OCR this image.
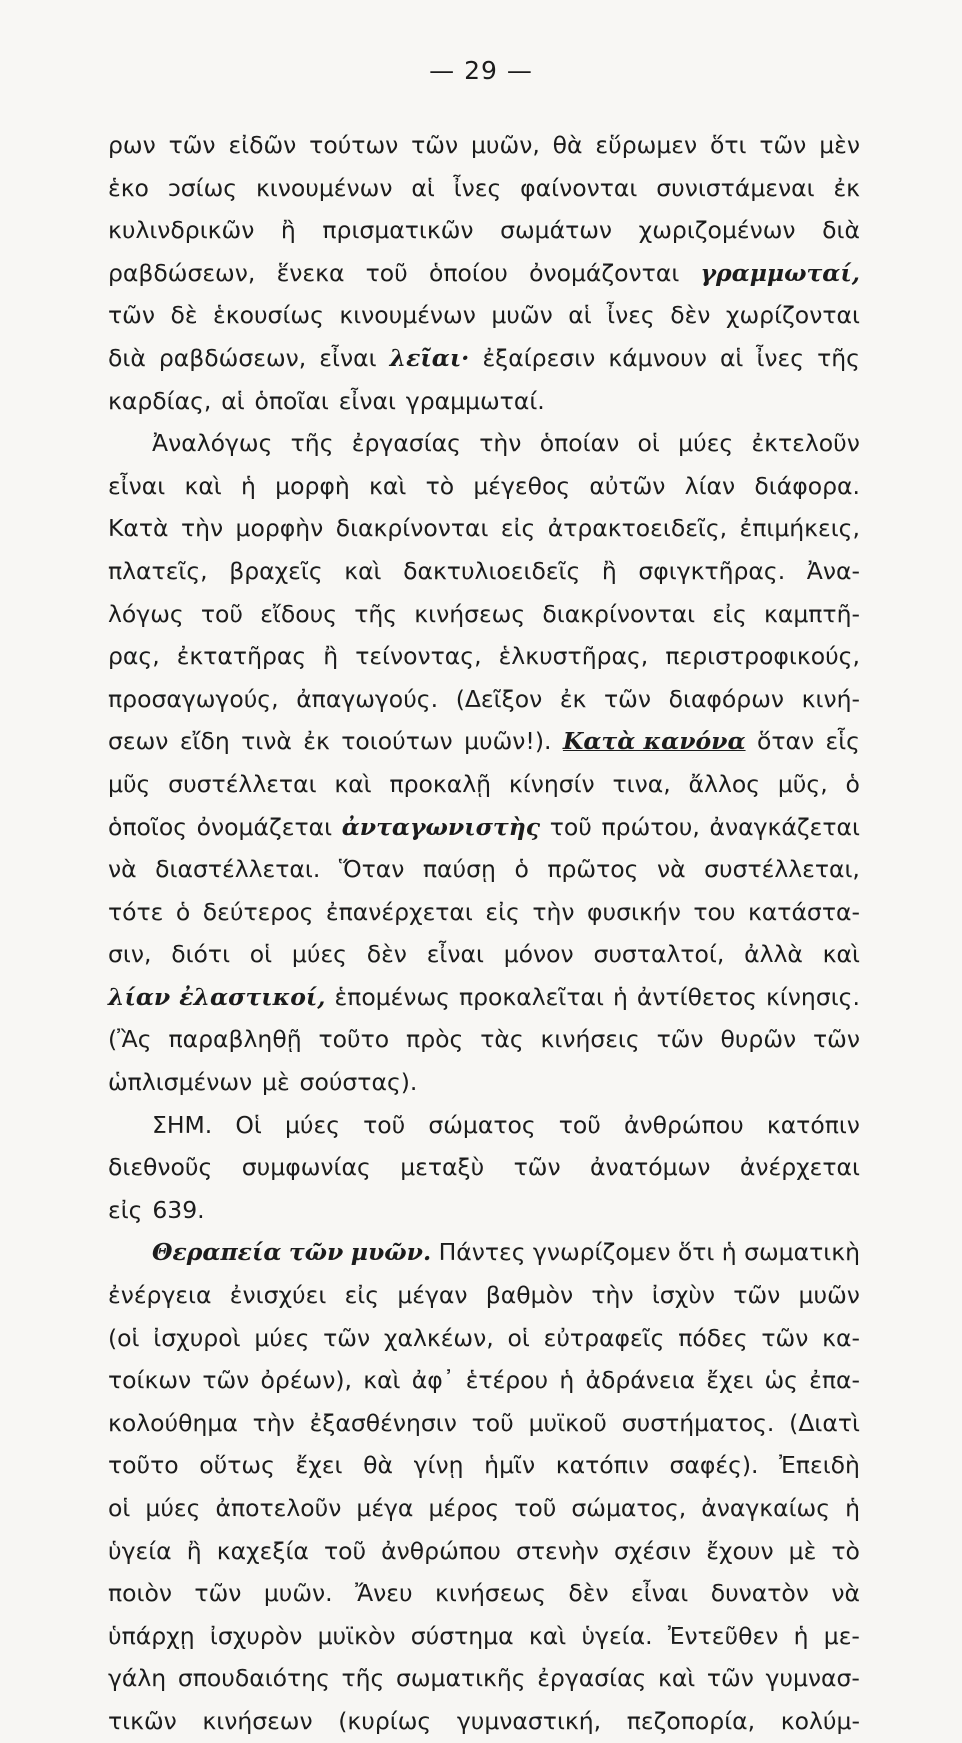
— 29 —
ρων τῶν εἰδῶν τούτων τῶν μυῶν, θὰ εὕρωμεν ὅτι τῶν μὲν
ἑκο ɔσίως κινουμένων αἱ ἶνες φαίνονται συνιστάμεναι ἐκ
κυλινδρικῶν ἢ πρισματικῶν σωμάτων χωριζομένων διὰ
ραβδώσεων, ἕνεκα τοῦ ὁποίου ὀνομάζονται γραμμωταί,
τῶν δὲ ἑκουσίως κινουμένων μυῶν αἱ ἶνες δὲν χωρίζονται
διὰ ραβδώσεων, εἶναι λεῖαι· ἐξαίρεσιν κάμνουν αἱ ἶνες τῆς
καρδίας, αἱ ὁποῖαι εἶναι γραμμωταί.
Ἀναλόγως τῆς ἐργασίας τὴν ὁποίαν οἱ μύες ἐκτελοῦν
εἶναι καὶ ἡ μορφὴ καὶ τὸ μέγεθος αὐτῶν λίαν διάφορα.
Κατὰ τὴν μορφὴν διακρίνονται εἰς ἀτρακτοειδεῖς, ἐπιμήκεις,
πλατεῖς, βραχεῖς καὶ δακτυλιοειδεῖς ἢ σφιγκτῆρας. Ἀνα-
λόγως τοῦ εἴδους τῆς κινήσεως διακρίνονται εἰς καμπτῆ-
ρας, ἐκτατῆρας ἢ τείνοντας, ἑλκυστῆρας, περιστροφικούς,
προσαγωγούς, ἀπαγωγούς. (Δεῖξον ἐκ τῶν διαφόρων κινή-
σεων εἴδη τινὰ ἐκ τοιούτων μυῶν!). Κατὰ κανόνα ὅταν εἷς
μῦς συστέλλεται καὶ προκαλῇ κίνησίν τινα, ἄλλος μῦς, ὁ
ὁποῖος ὀνομάζεται ἀνταγωνιστὴς τοῦ πρώτου, ἀναγκάζεται
νὰ διαστέλλεται. Ὅταν παύσῃ ὁ πρῶτος νὰ συστέλλεται,
τότε ὁ δεύτερος ἐπανέρχεται εἰς τὴν φυσικήν του κατάστα-
σιν, διότι οἱ μύες δὲν εἶναι μόνον συσταλτοί, ἀλλὰ καὶ
λίαν ἐλαστικοί, ἑπομένως προκαλεῖται ἡ ἀντίθετος κίνησις.
(Ἂς παραβληθῇ τοῦτο πρὸς τὰς κινήσεις τῶν θυρῶν τῶν
ὡπλισμένων μὲ σούστας).
ΣΗΜ. Οἱ μύες τοῦ σώματος τοῦ ἀνθρώπου κατόπιν
διεθνοῦς συμφωνίας μεταξὺ τῶν ἀνατόμων ἀνέρχεται
εἰς 639.
Θεραπεία τῶν μυῶν. Πάντες γνωρίζομεν ὅτι ἡ σωματικὴ
ἐνέργεια ἐνισχύει εἰς μέγαν βαθμὸν τὴν ἰσχὺν τῶν μυῶν
(οἱ ἰσχυροὶ μύες τῶν χαλκέων, οἱ εὐτραφεῖς πόδες τῶν κα-
τοίκων τῶν ὀρέων), καὶ ἀφ᾽ ἑτέρου ἡ ἀδράνεια ἔχει ὡς ἐπα-
κολούθημα τὴν ἐξασθένησιν τοῦ μυϊκοῦ συστήματος. (Διατὶ
τοῦτο οὕτως ἔχει θὰ γίνῃ ἡμῖν κατόπιν σαφές). Ἐπειδὴ
οἱ μύες ἀποτελοῦν μέγα μέρος τοῦ σώματος, ἀναγκαίως ἡ
ὑγεία ἢ καχεξία τοῦ ἀνθρώπου στενὴν σχέσιν ἔχουν μὲ τὸ
ποιὸν τῶν μυῶν. Ἄνευ κινήσεως δὲν εἶναι δυνατὸν νὰ
ὑπάρχῃ ἰσχυρὸν μυϊκὸν σύστημα καὶ ὑγεία. Ἐντεῦθεν ἡ με-
γάλη σπουδαιότης τῆς σωματικῆς ἐργασίας καὶ τῶν γυμνασ-
τικῶν κινήσεων (κυρίως γυμναστική, πεζοπορία, κολύμ-
